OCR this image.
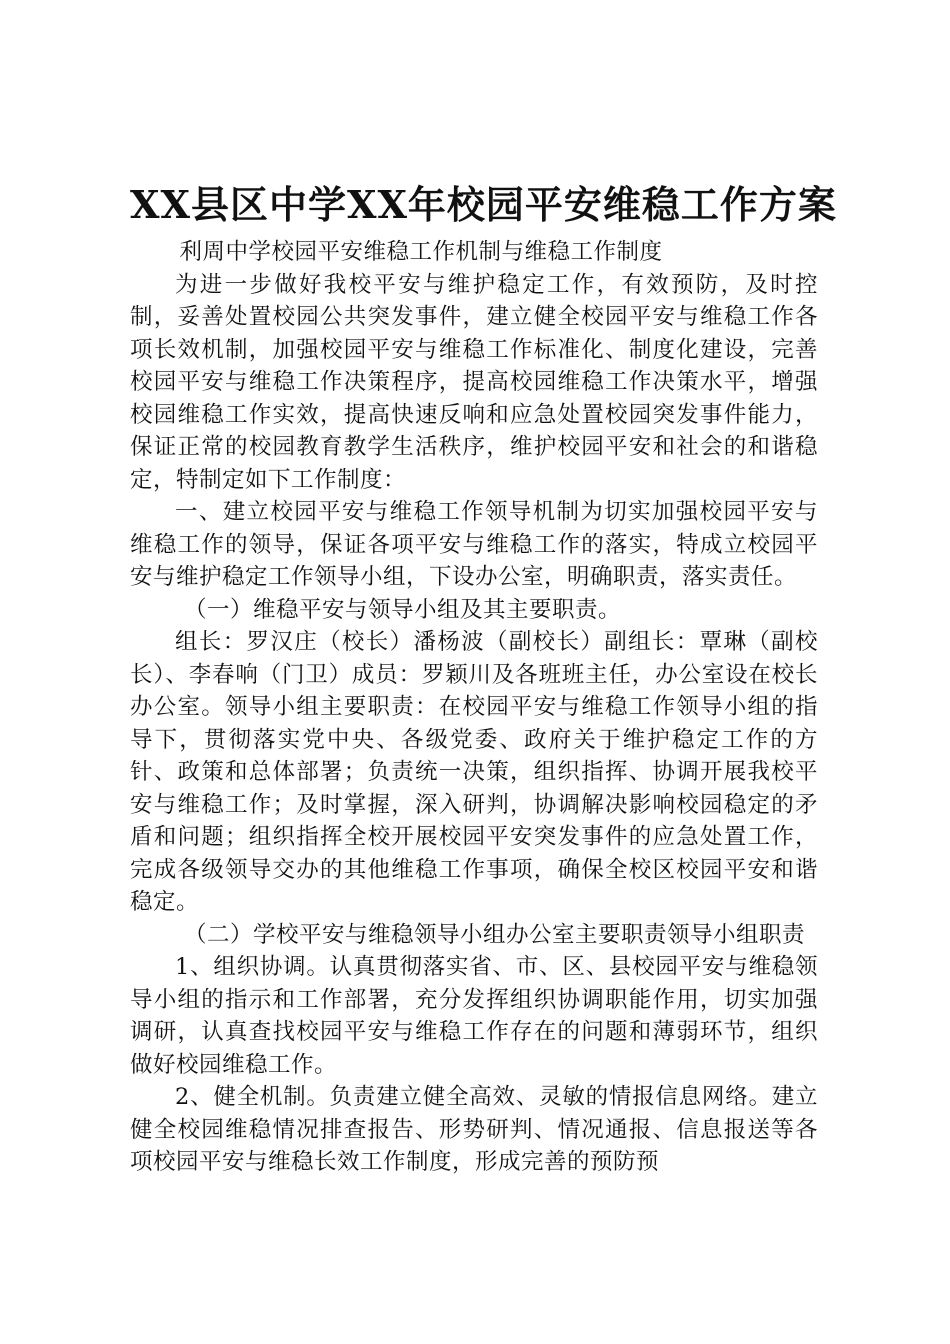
XX县区中学XX年校园平安维稳工作方案

利周中学校园平安维稳工作机制与维稳工作制度

为进一步做好我校平安与维护稳定工作，有效预防，及时控制，妥善处置校园公共突发事件，建立健全校园平安与维稳工作各项长效机制，加强校园平安与维稳工作标准化、制度化建设，完善校园平安与维稳工作决策程序，提高校园维稳工作决策水平，增强校园维稳工作实效，提高快速反响和应急处置校园突发事件能力，保证正常的校园教育教学生活秩序，维护校园平安和社会的和谐稳定，特制定如下工作制度：

一、建立校园平安与维稳工作领导机制为切实加强校园平安与维稳工作的领导，保证各项平安与维稳工作的落实，特成立校园平安与维护稳定工作领导小组，下设办公室，明确职责，落实责任。

（一）维稳平安与领导小组及其主要职责。

组长：罗汉庄（校长）潘杨波（副校长）副组长：覃琳（副校长）、李春响（门卫）成员：罗颖川及各班班主任，办公室设在校长办公室。领导小组主要职责：在校园平安与维稳工作领导小组的指导下，贯彻落实党中央、各级党委、政府关于维护稳定工作的方针、政策和总体部署；负责统一决策，组织指挥、协调开展我校平安与维稳工作；及时掌握，深入研判，协调解决影响校园稳定的矛盾和问题；组织指挥全校开展校园平安突发事件的应急处置工作，完成各级领导交办的其他维稳工作事项，确保全校区校园平安和谐稳定。

（二）学校平安与维稳领导小组办公室主要职责领导小组职责

1、组织协调。认真贯彻落实省、市、区、县校园平安与维稳领导小组的指示和工作部署，充分发挥组织协调职能作用，切实加强调研，认真查找校园平安与维稳工作存在的问题和薄弱环节，组织做好校园维稳工作。

2、健全机制。负责建立健全高效、灵敏的情报信息网络。建立健全校园维稳情况排查报告、形势研判、情况通报、信息报送等各项校园平安与维稳长效工作制度，形成完善的预防预
